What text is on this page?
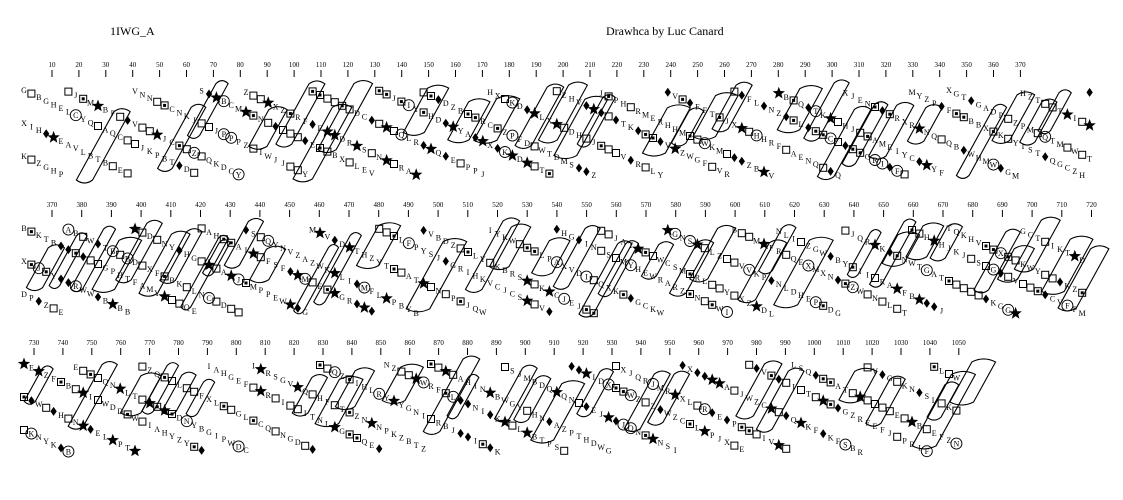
1IWG_A	Drawhca by Luc Canard
10	20	30	40	50	60	70	80	90	100 110 120 130 140 150 160 170 180 190 200 210 220 230 240 250 260 270 280 290 300 310 320 330 340 350 360 370
G
X
K
I
B
H
Z
G
G
H
H
E
E
P
L
A
C
V
J
Y
L
Q
B
M
T
A
B
B
Q
F
C
E
V
V
J
N
K
N
P B
J
T
C
C
N
D
K J
Z
S
Q
J
K
B
P
D
C
P
C
M
P
Y
Z
Z
N
I W J
X
J
Z
R
Y
F
E
E
B X
D R
L
D
E
C
S
V
N
J
Q
R
I
L
A
Y
R
H D
Q
D
E
Z
Y
B
A
P P J
R
X
H
C
X
K
Z
K
P
D
D
F D
T
L
W
X
T D
Z
M
H
D
S
V
H
J
Z
J
P
T
V
H
K
R
R M
L
E
Y
R
V
H
V
H
Z
M
W G
F
F
F
W
T
K
V
M
R
J X
F
Z
L
H
B
H
N
R
V
Z
F
B
A
L
E
Q
N Q
T K
C
Q
X
H
J
J
E
G
N
R
A
I
M E
F
R
I
X
Y
M
R
C
Y Z
N
P
Q
Y F
F
Q
X
B
G T
B
W
B
H
G
X
M
A
W
D
K
P
G
Y
M
Z
I
H
P
S
Z
M
T
T
Q
Q
T
G
T
M
C Z
I
W
H
T
370	380	390	400	410	420	430	440	450	460	470	480	490	500	510	520	530	540	550	560	570	580	590	600	610	620	630	640	650	660	670	680	690	700	710	720
B
X
D P
K
J
T
Z
B
Y
E
A
R
B
W W
W
G
B
T
P
B
H
B
T
B
B
F
D
A M
D
X
Y
F
N Y
B K
Q
H
E
G
L N
A
C
H
A
D
A
J
I
M
S
P
F
P
Q
S
E
Y
F
W
N V Z
M
G
A
M
Z
E
W
V
K
G
D
L
R
I
T H
M
Z
F
Y
L
T
P
L
B
F
A
Y
P
T
B
Y S
V
J
N
B D
G
P
Z
R I
J
H
Q
L
K
W
Y
V
I
C
Y
K
J
K
B
C
W
R
S
S
V
L
K
P A
C
H
X
J
G
V
E
D
J
I
I
N
Q
S
X K
J
M
A
Y
T
H
G
E
C
W
K
R
W
W
A
C
R
G
S
Z
N
M
S
N
R L
L
W
Z
I
Y
B
V
X
V
Z
M
K P
D
F
L
R
N
N
L
L
Q
D
I
E
H
X
E
Z
M
P
G
X
W
N
D G
B Y
Z
J
W
Q
I
R
I
N
K
R
L
A
T
N
F
W
B
T
H
G A
H
T
J
J
T
K
Q
J
K H
S
V
G
K G
X
G
V
G
K
C
W
T
Y
C
I
V
K
F
T
K
P
Z
M
D
730	740	750	760	770	780	790	800	810	820	830	840	850	860	870	880	890	900	910	920	930	940	950	960	970	980	990 1000 1010 1020 1030 1040 1050
E
K
W
N
Z
Y
F
K
H
B
B
N
E
I
E
W
L
Q
D
N
D
P T
L
W
T
I
Z
A
Q
H Y Z
L
D
Y
N Y
F
B
I
X
G
A
L
I
H
P
G
W
E
G
D
F
L
C
I
C
R
Q
R S
I
N
G
G
V
D
I
Q
T N
H
L
F
Q
G
Z
T
I
Z
Q
H
N
E
L R
N
N
Y
P
Z
K
Y
Z
G
B
N
T
W
I
Z
R F
R B
L
J
A H
N
I
I
I
N
K
K
B W
S
G
L
J
Y
M
B
B
H
T
D
N
P
Q
S
A
Q
Z
N
P T H
I
E
D
D
J
W
X
G
J
X
W
Q
J
Z
N
Q R
Z
J
N
M
W
S
R
Z
I
C
X
X
L
L
R
P J
E
X
A
P
E
J W Z
V
C
I V
I
Q
L S
T
K
Q
F
K F
A
G
S
T
Z
B
R
R
F E
V
F J
G
E
P
K
R
N
I
B
F
S L
E
L
F
K
Z
W
N
